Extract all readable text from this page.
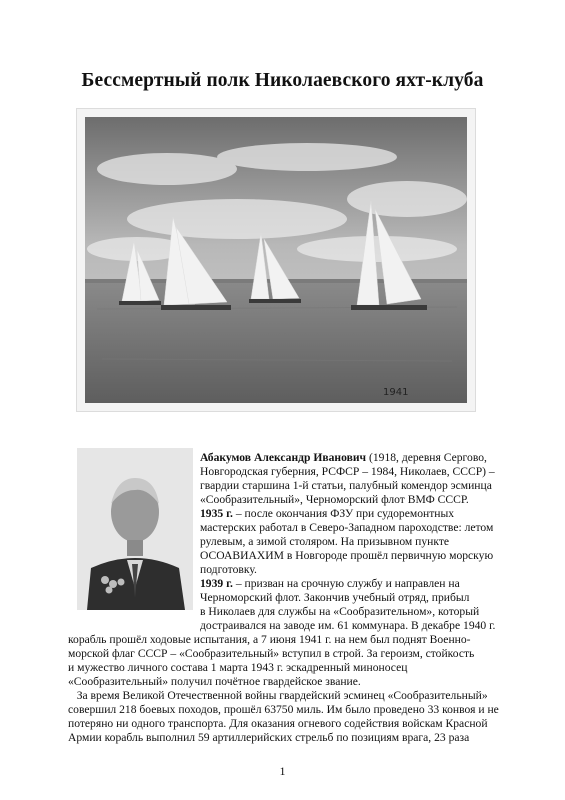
Бессмертный полк Николаевского яхт-клуба
1941
Абакумов Александр Иванович (1918, деревня Сергово,
Новгородская губерния, РСФСР – 1984, Николаев, СССР) –
гвардии старшина 1-й статьи, палубный комендор эсминца
«Сообразительный», Черноморский флот ВМФ СССР.
1935 г. – после окончания ФЗУ при судоремонтных
мастерских работал в Северо-Западном пароходстве: летом
рулевым, а зимой столяром. На призывном пункте
ОСОАВИАХИМ в Новгороде прошёл первичную морскую
подготовку.
1939 г. – призван на срочную службу и направлен на
Черноморский флот. Закончив учебный отряд, прибыл
в Николаев для службы на «Сообразительном», который
достраивался на заводе им. 61 коммунара. В декабре 1940 г.
корабль прошёл ходовые испытания, а 7 июня 1941 г. на нем был поднят Военно-
морской флаг СССР – «Сообразительный» вступил в строй. За героизм, стойкость
и мужество личного состава 1 марта 1943 г. эскадренный миноносец
«Сообразительный» получил почётное гвардейское звание.
За время Великой Отечественной войны гвардейский эсминец «Сообразительный»
совершил 218 боевых походов, прошёл 63750 миль. Им было проведено 33 конвоя и не
потеряно ни одного транспорта. Для оказания огневого содействия войскам Красной
Армии корабль выполнил 59 артиллерийских стрельб по позициям врага, 23 раза
1
